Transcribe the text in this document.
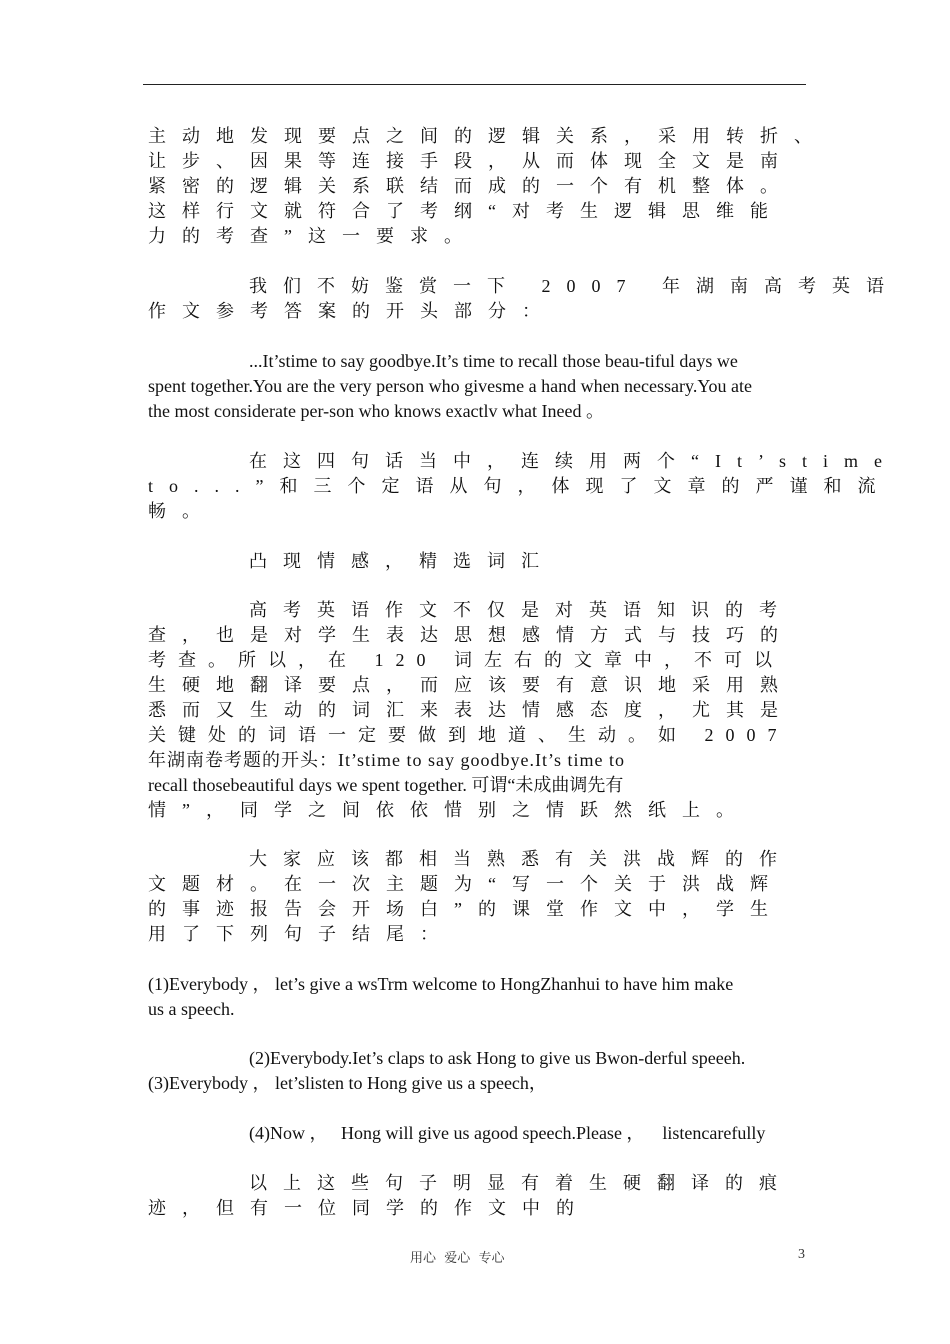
主动地发现要点之间的逻辑关系，采用转折、
让步、因果等连接手段，从而体现全文是南
紧密的逻辑关系联结而成的一个有机整体。
这样行文就符合了考纲“对考生逻辑思维能
力的考查”这一要求。
我们不妨鉴赏一下 2007 年湖南高考英语
作文参考答案的开头部分：
...It’stime to say goodbye.It’s time to recall those beau-tiful days we
spent together.You are the very person who givesme a hand when necessary.You ate
the most considerate per-son who knows exactlv what Ineed 。
在这四句话当中，连续用两个“It’stime
to...”和三个定语从句，体现了文章的严谨和流
畅。
凸现情感，精选词汇
高考英语作文不仅是对英语知识的考
查，也是对学生表达思想感情方式与技巧的
考查。所以，在 120 词左右的文章中，不可以
生硬地翻译要点，而应该要有意识地采用熟
悉而又生动的词汇来表达情感态度，尤其是
关键处的词语一定要做到地道、生动。如 2007
年湖南卷考题的开头：It’stime to say goodbye.It’s time to
recall thosebeautiful days we spent together. 可谓“未成曲调先有
情”，同学之间依依惜别之情跃然纸上。
大家应该都相当熟悉有关洪战辉的作
文题材。在一次主题为“写一个关于洪战辉
的事迹报告会开场白”的课堂作文中，学生
用了下列句子结尾：
(1)Everybody ， let’s give a wsTrm welcome to HongZhanhui to have him make
us a speech.
(2)Everybody.Iet’s claps to ask Hong to give us Bwon-derful speeeh.
(3)Everybody ， let’slisten to Hong give us a speech，
(4)Now ，   Hong will give us agood speech.Please ，    listencarefully
以上这些句子明显有着生硬翻译的痕
迹，但有一位同学的作文中的
用心  爱心  专心	3
